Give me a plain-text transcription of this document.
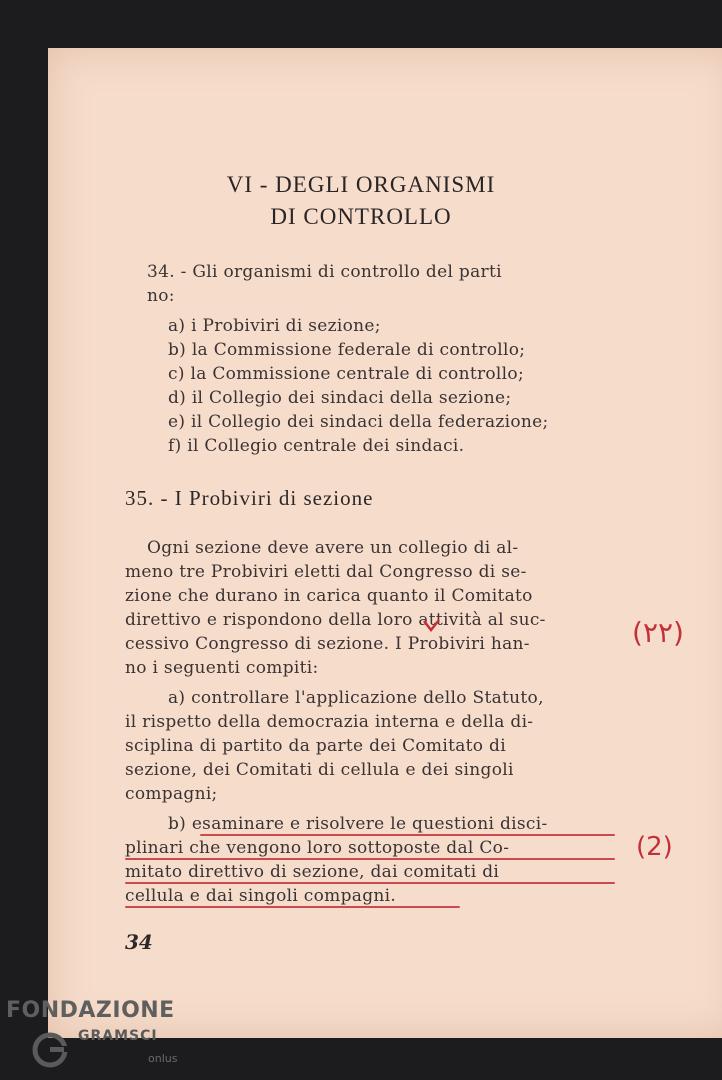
VI - DEGLI ORGANISMI
DI CONTROLLO
34. - Gli organismi di controllo del parti
no:
a) i Probiviri di sezione;
b) la Commissione federale di controllo;
c) la Commissione centrale di controllo;
d) il Collegio dei sindaci della sezione;
e) il Collegio dei sindaci della federazione;
f) il Collegio centrale dei sindaci.
35. - I Probiviri di sezione
Ogni sezione deve avere un collegio di al-
meno tre Probiviri eletti dal Congresso di se-
zione che durano in carica quanto il Comitato
direttivo e rispondono della loro attività al suc-
cessivo Congresso di sezione. I Probiviri han-
no i seguenti compiti:
a) controllare l'applicazione dello Statuto,
il rispetto della democrazia interna e della di-
sciplina di partito da parte dei Comitato di
sezione, dei Comitati di cellula e dei singoli
compagni;
b) esaminare e risolvere le questioni disci-
plinari che vengono loro sottoposte dal Co-
mitato direttivo di sezione, dai comitati di
cellula e dai singoli compagni.
(٢٢)
(2)
34
FONDAZIONE
GRAMSCI
onlus
